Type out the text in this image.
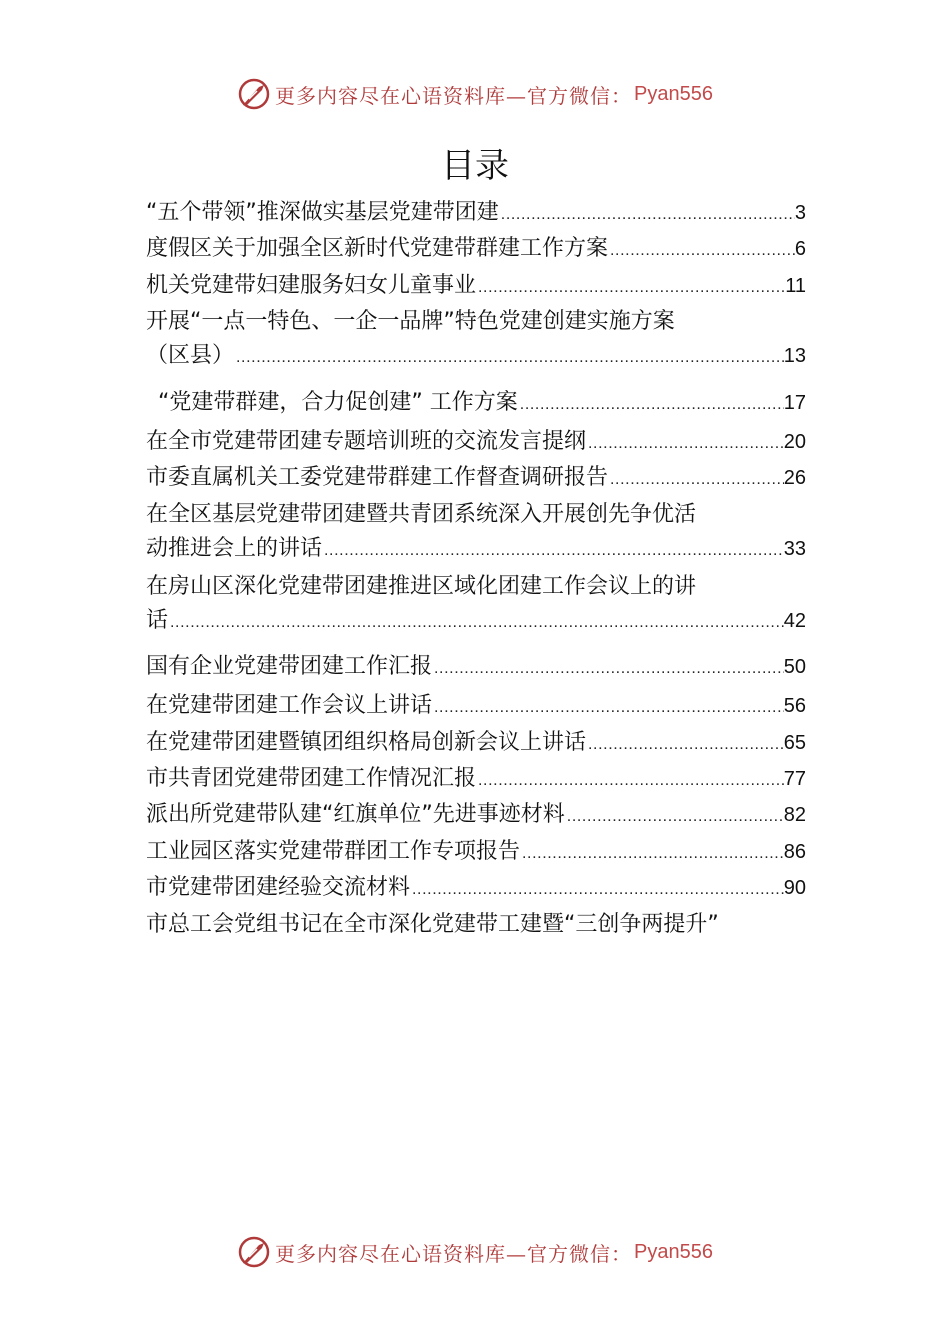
更多内容尽在心语资料库—官方微信： Pyan556
目录
“五个带领”推深做实基层党建带团建 .....	3
度假区关于加强全区新时代党建带群建工作方案 .....	6
机关党建带妇建服务妇女儿童事业 .....	11
开展“一点一特色、一企一品牌”特色党建创建实施方案
（区县） .....	13
“党建带群建，合力促创建” 工作方案 .....	17
在全市党建带团建专题培训班的交流发言提纲 .....	20
市委直属机关工委党建带群建工作督查调研报告 .....	26
在全区基层党建带团建暨共青团系统深入开展创先争优活
动推进会上的讲话 .....	33
在房山区深化党建带团建推进区域化团建工作会议上的讲
话 .....	42
国有企业党建带团建工作汇报 .....	50
在党建带团建工作会议上讲话 .....	56
在党建带团建暨镇团组织格局创新会议上讲话 .....	65
市共青团党建带团建工作情况汇报 .....	77
派出所党建带队建“红旗单位”先进事迹材料 .....	82
工业园区落实党建带群团工作专项报告 .....	86
市党建带团建经验交流材料 .....	90
市总工会党组书记在全市深化党建带工建暨“三创争两提升”
更多内容尽在心语资料库—官方微信： Pyan556
